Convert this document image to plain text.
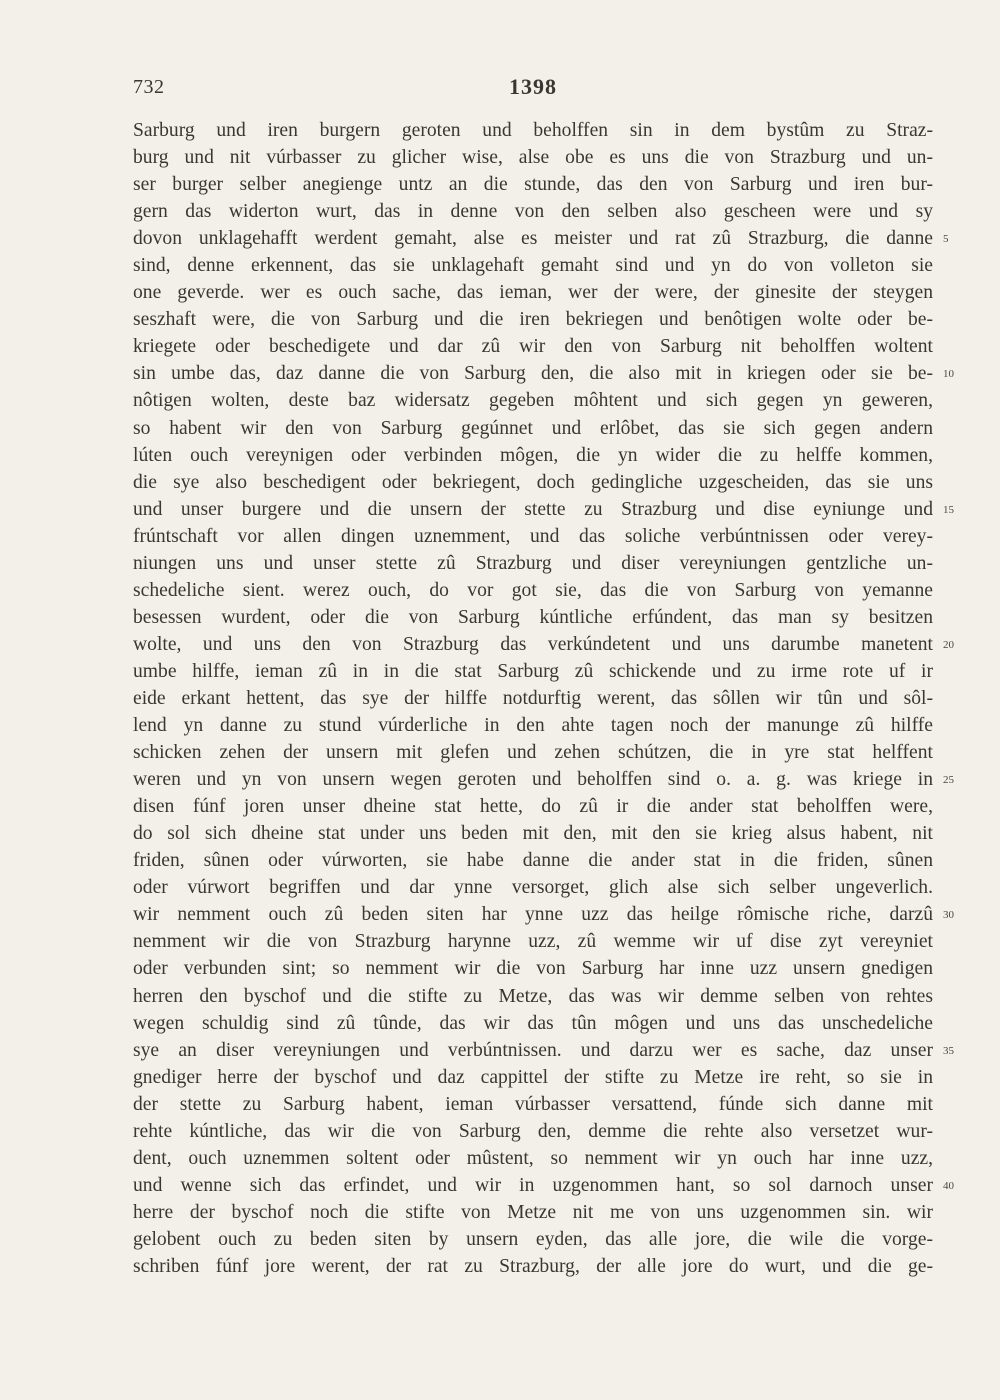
732	1398
Sarburg und iren burgern geroten und beholffen sin in dem bystûm zu Straz-
burg und nit vúrbasser zu glicher wise, alse obe es uns die von Strazburg und un-
ser burger selber anegienge untz an die stunde, das den von Sarburg und iren bur-
gern das widerton wurt, das in denne von den selben also gescheen were und sy
dovon unklagehafft werdent gemaht, alse es meister und rat zû Strazburg, die danne
sind, denne erkennent, das sie unklagehaft gemaht sind und yn do von volleton sie
one geverde. wer es ouch sache, das ieman, wer der were, der ginesite der steygen
seszhaft were, die von Sarburg und die iren bekriegen und benôtigen wolte oder be-
kriegete oder beschedigete und dar zû wir den von Sarburg nit beholffen woltent
sin umbe das, daz danne die von Sarburg den, die also mit in kriegen oder sie be-
nôtigen wolten, deste baz widersatz gegeben môhtent und sich gegen yn geweren,
so habent wir den von Sarburg gegúnnet und erlôbet, das sie sich gegen andern
lúten ouch vereynigen oder verbinden môgen, die yn wider die zu helffe kommen,
die sye also beschedigent oder bekriegent, doch gedingliche uzgescheiden, das sie uns
und unser burgere und die unsern der stette zu Strazburg und dise eyniunge und
frúntschaft vor allen dingen uznemment, und das soliche verbúntnissen oder verey-
niungen uns und unser stette zû Strazburg und diser vereyniungen gentzliche un-
schedeliche sient. werez ouch, do vor got sie, das die von Sarburg von yemanne
besessen wurdent, oder die von Sarburg kúntliche erfúndent, das man sy besitzen
wolte, und uns den von Strazburg das verkúndetent und uns darumbe manetent
umbe hilffe, ieman zû in in die stat Sarburg zû schickende und zu irme rote uf ir
eide erkant hettent, das sye der hilffe notdurftig werent, das sôllen wir tûn und sôl-
lend yn danne zu stund vúrderliche in den ahte tagen noch der manunge zû hilffe
schicken zehen der unsern mit glefen und zehen schútzen, die in yre stat helffent
weren und yn von unsern wegen geroten und beholffen sind o. a. g. was kriege in
disen fúnf joren unser dheine stat hette, do zû ir die ander stat beholffen were,
do sol sich dheine stat under uns beden mit den, mit den sie krieg alsus habent, nit
friden, sûnen oder vúrworten, sie habe danne die ander stat in die friden, sûnen
oder vúrwort begriffen und dar ynne versorget, glich alse sich selber ungeverlich.
wir nemment ouch zû beden siten har ynne uzz das heilge rômische riche, darzû
nemment wir die von Strazburg harynne uzz, zû wemme wir uf dise zyt vereyniet
oder verbunden sint; so nemment wir die von Sarburg har inne uzz unsern gnedigen
herren den byschof und die stifte zu Metze, das was wir demme selben von rehtes
wegen schuldig sind zû tûnde, das wir das tûn môgen und uns das unschedeliche
sye an diser vereyniungen und verbúntnissen. und darzu wer es sache, daz unser
gnediger herre der byschof und daz cappittel der stifte zu Metze ire reht, so sie in
der stette zu Sarburg habent, ieman vúrbasser versattend, fúnde sich danne mit
rehte kúntliche, das wir die von Sarburg den, demme die rehte also versetzet wur-
dent, ouch uznemmen soltent oder mûstent, so nemment wir yn ouch har inne uzz,
und wenne sich das erfindet, und wir in uzgenommen hant, so sol darnoch unser
herre der byschof noch die stifte von Metze nit me von uns uzgenommen sin. wir
gelobent ouch zu beden siten by unsern eyden, das alle jore, die wile die vorge-
schriben fúnf jore werent, der rat zu Strazburg, der alle jore do wurt, und die ge-
5
10
15
20
25
30
35
40
